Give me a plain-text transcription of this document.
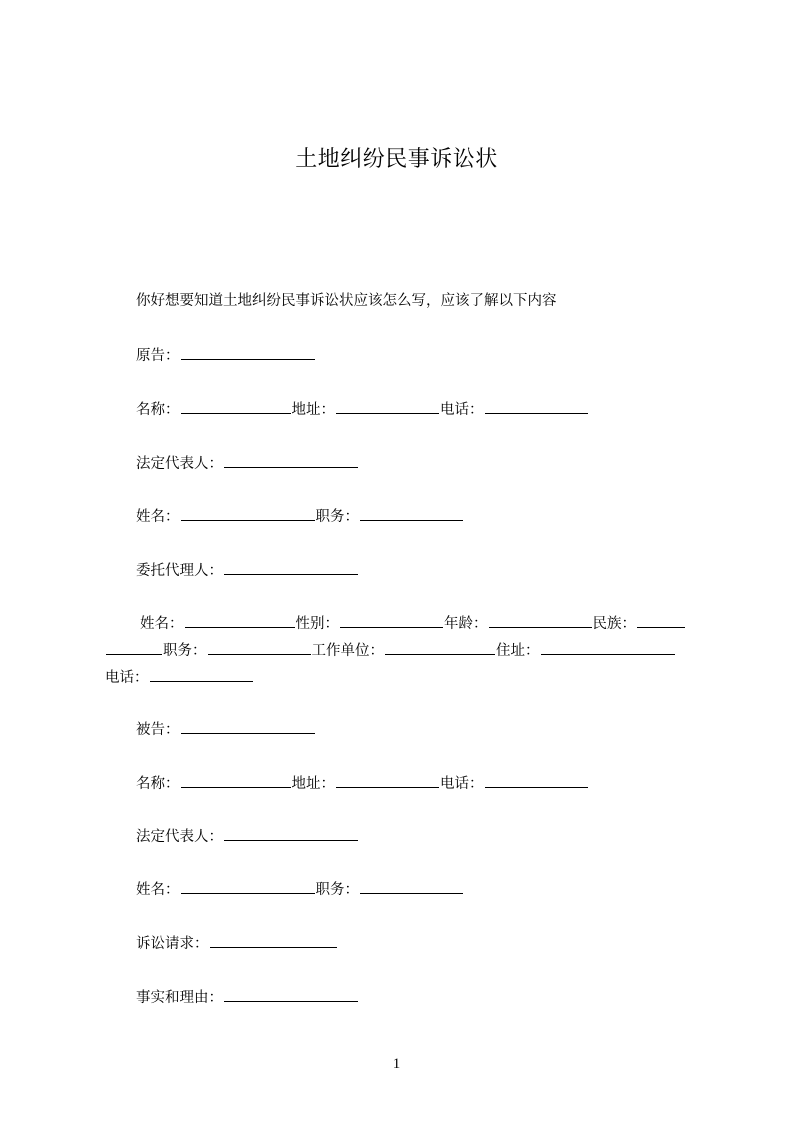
土地纠纷民事诉讼状
你好想要知道土地纠纷民事诉讼状应该怎么写，应该了解以下内容
原告：
名称：	地址：	电话：
法定代表人：
姓名：	职务：
委托代理人：
姓名：	性别：	年龄：	民族：
职务：	工作单位：	住址：
电话：
被告：
名称：	地址：	电话：
法定代表人：
姓名：	职务：
诉讼请求：
事实和理由：
1
